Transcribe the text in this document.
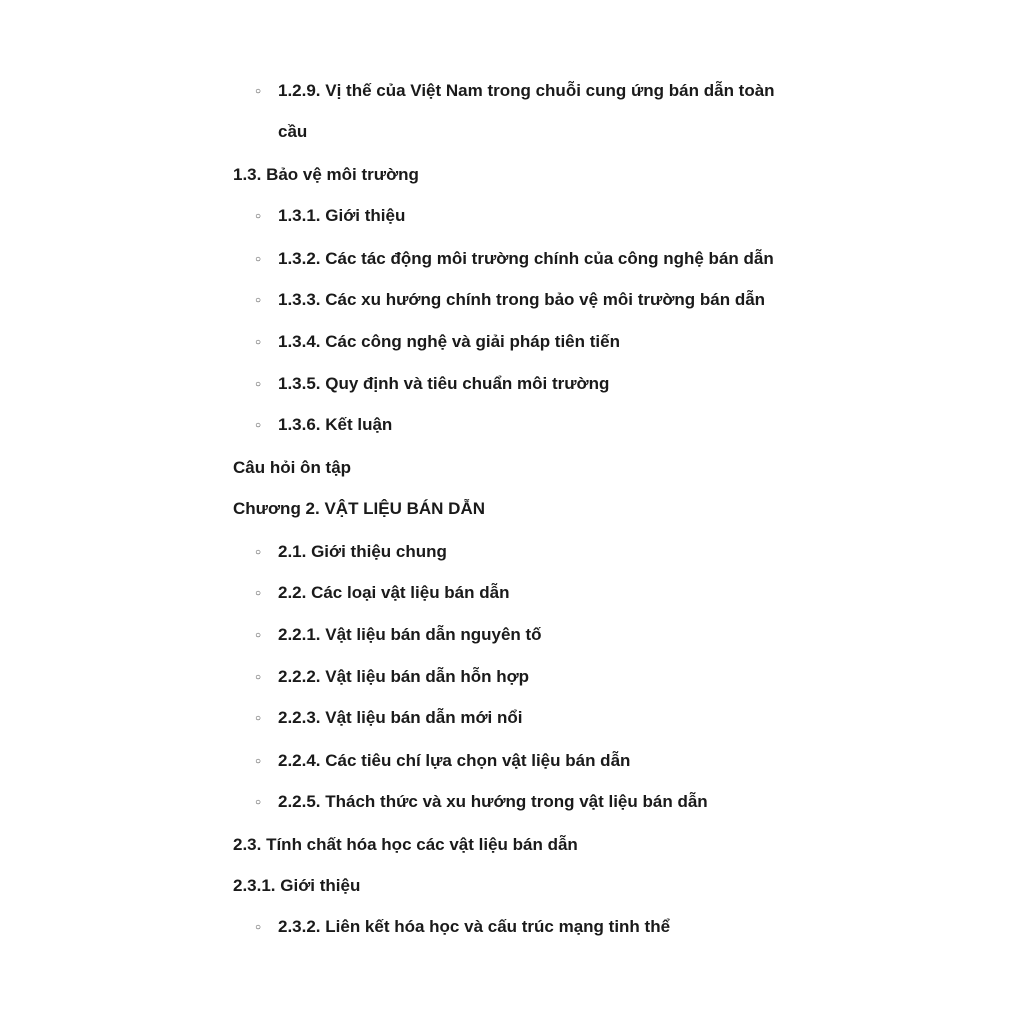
○ 1.2.9. Vị thế của Việt Nam trong chuỗi cung ứng bán dẫn toàn
cầu
1.3. Bảo vệ môi trường
○ 1.3.1. Giới thiệu
○ 1.3.2. Các tác động môi trường chính của công nghệ bán dẫn
○ 1.3.3. Các xu hướng chính trong bảo vệ môi trường bán dẫn
○ 1.3.4. Các công nghệ và giải pháp tiên tiến
○ 1.3.5. Quy định và tiêu chuẩn môi trường
○ 1.3.6. Kết luận
Câu hỏi ôn tập
Chương 2. VẬT LIỆU BÁN DẪN
○ 2.1. Giới thiệu chung
○ 2.2. Các loại vật liệu bán dẫn
○ 2.2.1. Vật liệu bán dẫn nguyên tố
○ 2.2.2. Vật liệu bán dẫn hỗn hợp
○ 2.2.3. Vật liệu bán dẫn mới nổi
○ 2.2.4. Các tiêu chí lựa chọn vật liệu bán dẫn
○ 2.2.5. Thách thức và xu hướng trong vật liệu bán dẫn
2.3. Tính chất hóa học các vật liệu bán dẫn
2.3.1. Giới thiệu
○ 2.3.2. Liên kết hóa học và cấu trúc mạng tinh thể
